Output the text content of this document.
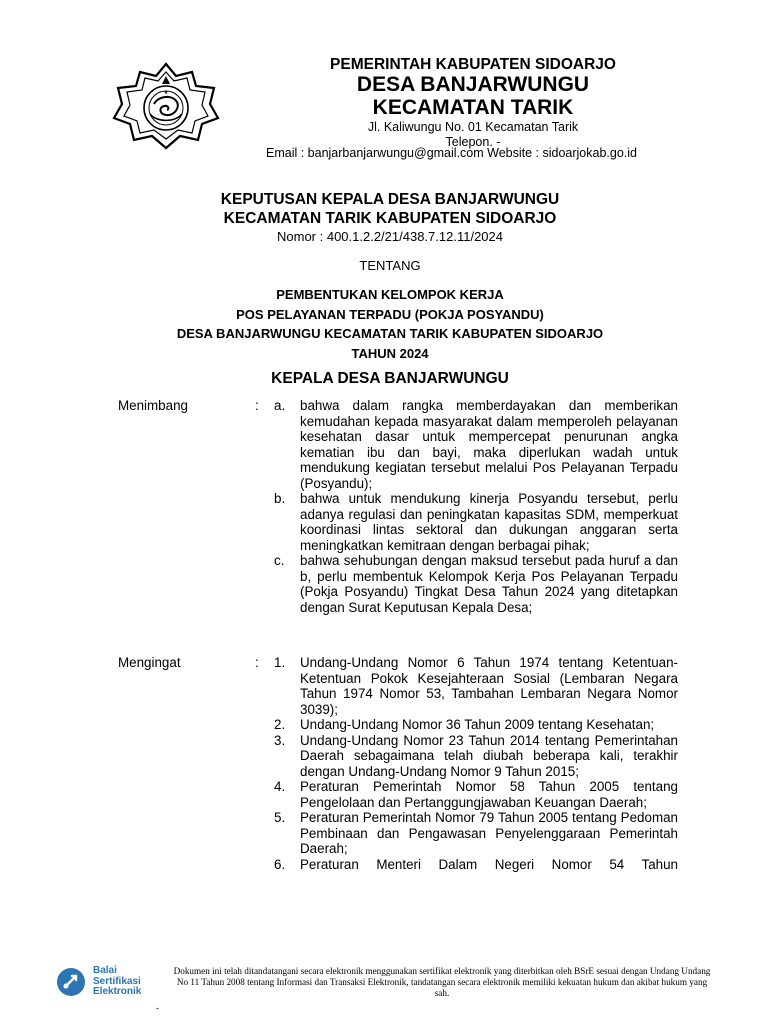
★
PEMERINTAH KABUPATEN SIDOARJO
DESA BANJARWUNGU
KECAMATAN TARIK
Jl. Kaliwungu No. 01 Kecamatan Tarik
Telepon. -
Email : banjarbanjarwungu@gmail.com Website : sidoarjokab.go.id
KEPUTUSAN KEPALA DESA BANJARWUNGU
KECAMATAN TARIK KABUPATEN SIDOARJO
Nomor : 400.1.2.2/21/438.7.12.11/2024
TENTANG
PEMBENTUKAN KELOMPOK KERJA
POS PELAYANAN TERPADU (POKJA POSYANDU)
DESA BANJARWUNGU KECAMATAN TARIK KABUPATEN SIDOARJO
TAHUN 2024
KEPALA DESA BANJARWUNGU
Menimbang	: a. bahwa dalam rangka memberdayakan dan memberikan kemudahan kepada masyarakat dalam memperoleh pelayanan kesehatan dasar untuk mempercepat penurunan angka kematian ibu dan bayi, maka diperlukan wadah untuk mendukung kegiatan tersebut melalui Pos Pelayanan Terpadu (Posyandu);
b. bahwa untuk mendukung kinerja Posyandu tersebut, perlu adanya regulasi dan peningkatan kapasitas SDM, memperkuat koordinasi lintas sektoral dan dukungan anggaran serta meningkatkan kemitraan dengan berbagai pihak;
c. bahwa sehubungan dengan maksud tersebut pada huruf a dan b, perlu membentuk Kelompok Kerja Pos Pelayanan Terpadu (Pokja Posyandu) Tingkat Desa Tahun 2024 yang ditetapkan dengan Surat Keputusan Kepala Desa;
Mengingat	: 1. Undang-Undang Nomor 6 Tahun 1974 tentang Ketentuan-Ketentuan Pokok Kesejahteraan Sosial (Lembaran Negara Tahun 1974 Nomor 53, Tambahan Lembaran Negara Nomor 3039);
2. Undang-Undang Nomor 36 Tahun 2009 tentang Kesehatan;
3. Undang-Undang Nomor 23 Tahun 2014 tentang Pemerintahan Daerah sebagaimana telah diubah beberapa kali, terakhir dengan Undang-Undang Nomor 9 Tahun 2015;
4. Peraturan Pemerintah Nomor 58 Tahun 2005 tentang Pengelolaan dan Pertanggungjawaban Keuangan Daerah;
5. Peraturan Pemerintah Nomor 79 Tahun 2005 tentang Pedoman Pembinaan dan Pengawasan Penyelenggaraan Pemerintah Daerah;
6. Peraturan Menteri Dalam Negeri Nomor 54 Tahun
Balai
Sertifikasi
Elektronik
Dokumen ini telah ditandatangani secara elektronik menggunakan sertifikat elektronik yang diterbitkan oleh BSrE sesuai dengan Undang Undang No 11 Tahun 2008 tentang Informasi dan Transaksi Elektronik, tandatangan secara elektronik memiliki kekuatan hukum dan akibat hukum yang sah.
-
